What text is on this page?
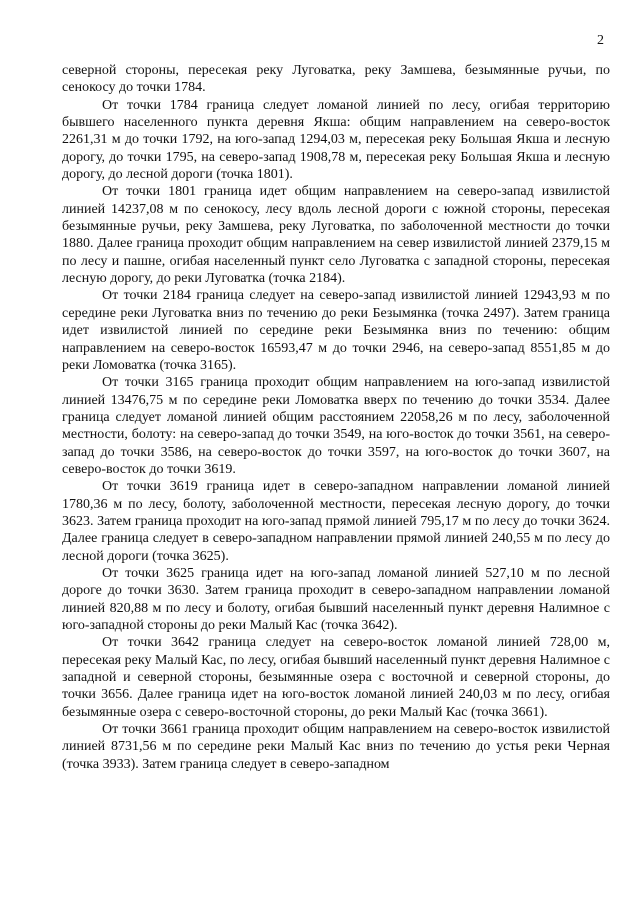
2

северной стороны, пересекая реку Луговатка, реку Замшева, безымянные ручьи, по сенокосу до точки 1784.

От точки 1784 граница следует ломаной линией по лесу, огибая территорию бывшего населенного пункта деревня Якша: общим направлением на северо-восток 2261,31 м до точки 1792, на юго-запад 1294,03 м, пересекая реку Большая Якша и лесную дорогу, до точки 1795, на северо-запад 1908,78 м, пересекая реку Большая Якша и лесную дорогу, до лесной дороги (точка 1801).

От точки 1801 граница идет общим направлением на северо-запад извилистой линией 14237,08 м по сенокосу, лесу вдоль лесной дороги с южной стороны, пересекая безымянные ручьи, реку Замшева, реку Луговатка, по заболоченной местности до точки 1880. Далее граница проходит общим направлением на север извилистой линией 2379,15 м по лесу и пашне, огибая населенный пункт село Луговатка с западной стороны, пересекая лесную дорогу, до реки Луговатка (точка 2184).

От точки 2184 граница следует на северо-запад извилистой линией 12943,93 м по середине реки Луговатка вниз по течению до реки Безымянка (точка 2497). Затем граница идет извилистой линией по середине реки Безымянка вниз по течению: общим направлением на северо-восток 16593,47 м до точки 2946, на северо-запад 8551,85 м до реки Ломоватка (точка 3165).

От точки 3165 граница проходит общим направлением на юго-запад извилистой линией 13476,75 м по середине реки Ломоватка вверх по течению до точки 3534. Далее граница следует ломаной линией общим расстоянием 22058,26 м по лесу, заболоченной местности, болоту: на северо-запад до точки 3549, на юго-восток до точки 3561, на северо-запад до точки 3586, на северо-восток до точки 3597, на юго-восток до точки 3607, на северо-восток до точки 3619.

От точки 3619 граница идет в северо-западном направлении ломаной линией 1780,36 м по лесу, болоту, заболоченной местности, пересекая лесную дорогу, до точки 3623. Затем граница проходит на юго-запад прямой линией 795,17 м по лесу до точки 3624. Далее граница следует в северо-западном направлении прямой линией 240,55 м по лесу до лесной дороги (точка 3625).

От точки 3625 граница идет на юго-запад ломаной линией 527,10 м по лесной дороге до точки 3630. Затем граница проходит в северо-западном направлении ломаной линией 820,88 м по лесу и болоту, огибая бывший населенный пункт деревня Налимное с юго-западной стороны до реки Малый Кас (точка 3642).

От точки 3642 граница следует на северо-восток ломаной линией 728,00 м, пересекая реку Малый Кас, по лесу, огибая бывший населенный пункт деревня Налимное с западной и северной стороны, безымянные озера с восточной и северной стороны, до точки 3656. Далее граница идет на юго-восток ломаной линией 240,03 м по лесу, огибая безымянные озера с северо-восточной стороны, до реки Малый Кас (точка 3661).

От точки 3661 граница проходит общим направлением на северо-восток извилистой линией 8731,56 м по середине реки Малый Кас вниз по течению до устья реки Черная (точка 3933). Затем граница следует в северо-западном
